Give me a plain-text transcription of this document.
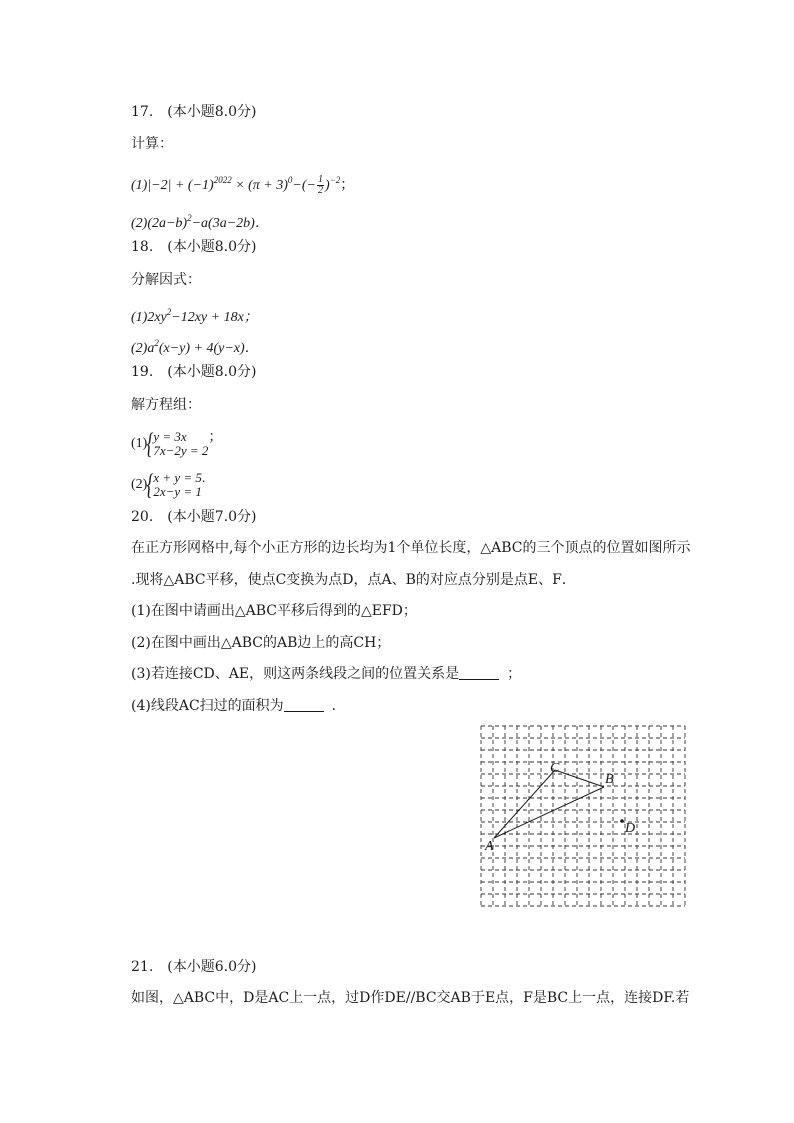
17.　(本小题8.0分)
计算：
$(1)|-2| + (-1)^{2022} \times (\pi + 3)^0-(- \frac{1}{2} )^{-2}$；
$(2)(2a-b)^2-a(3a-2b)$．
18.　(本小题8.0分)
分解因式：
$(1)2xy^2-12xy + 18x$；
$(2)a^2(x-y) + 4(y-x)$．
19.　(本小题8.0分)
解方程组：
(1){ y = 3x
7x−2y = 2
；
(2){ x + y = 5
2x−y = 1
.
20.　(本小题7.0分)
在正方形网格中,每个小正方形的边长均为1个单位长度，△ABC的三个顶点的位置如图所示
.现将△ABC平移，使点C变换为点D，点A、B的对应点分别是点E、F．
(1)在图中请画出△ABC平移后得到的△EFD；
(2)在图中画出△ABC的AB边上的高CH；
(3)若连接CD、AE，则这两条线段之间的位置关系是	；
(4)线段AC扫过的面积为	．
A
C
B
D
21.　(本小题6.0分)
如图，△ABC中，D是AC上一点，过D作DE//BC交AB于E点，F是BC上一点，连接DF.若
